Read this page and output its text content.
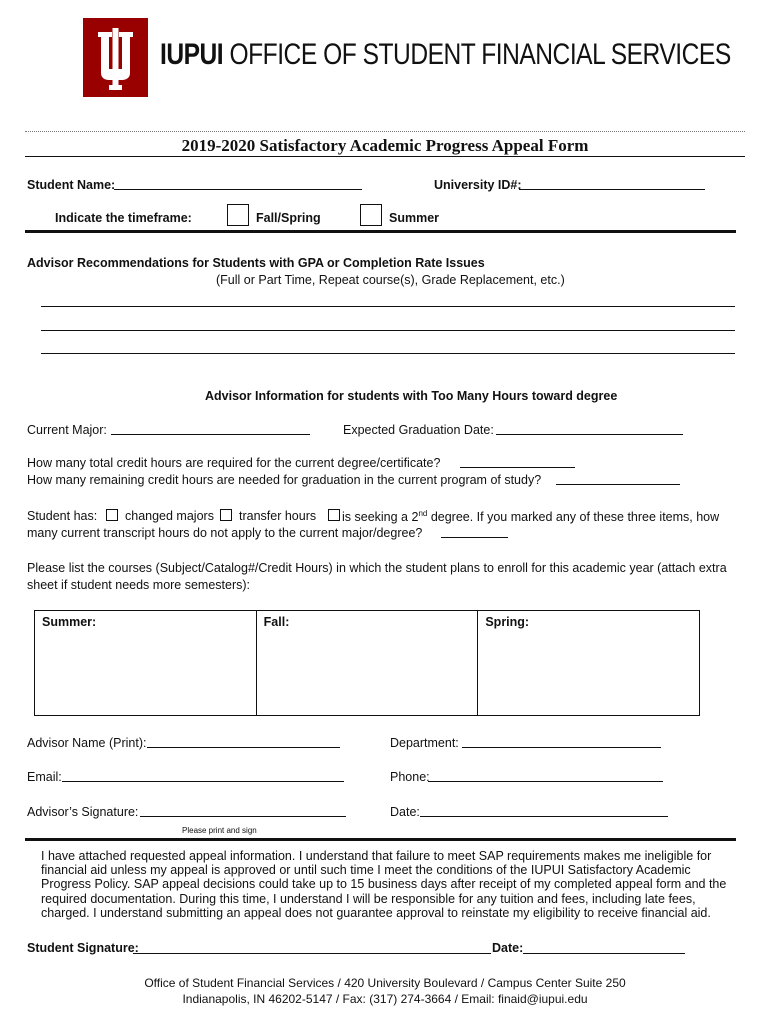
IUPUI OFFICE OF STUDENT FINANCIAL SERVICES
2019-2020 Satisfactory Academic Progress Appeal Form
Student Name:	University ID#:
Indicate the timeframe:	Fall/Spring	Summer
Advisor Recommendations for Students with GPA or Completion Rate Issues
(Full or Part Time, Repeat course(s), Grade Replacement, etc.)
Advisor Information for students with Too Many Hours toward degree
Current Major:	Expected Graduation Date:
How many total credit hours are required for the current degree/certificate?
How many remaining credit hours are needed for graduation in the current program of study?
Student has: changed majors transfer hours is seeking a 2nd degree. If you marked any of these three items, how
many current transcript hours do not apply to the current major/degree?
Please list the courses (Subject/Catalog#/Credit Hours) in which the student plans to enroll for this academic year (attach extra
sheet if student needs more semesters):
Summer:	Fall:	Spring:
Advisor Name (Print):	Department:
Email:	Phone:
Advisor’s Signature:	Date:
Please print and sign
I have attached requested appeal information. I understand that failure to meet SAP requirements makes me ineligible for
financial aid unless my appeal is approved or until such time I meet the conditions of the IUPUI Satisfactory Academic
Progress Policy. SAP appeal decisions could take up to 15 business days after receipt of my completed appeal form and the
required documentation. During this time, I understand I will be responsible for any tuition and fees, including late fees,
charged. I understand submitting an appeal does not guarantee approval to reinstate my eligibility to receive financial aid.
Student Signature:	Date:
Office of Student Financial Services / 420 University Boulevard / Campus Center Suite 250
Indianapolis, IN 46202-5147 / Fax: (317) 274-3664 / Email: finaid@iupui.edu
